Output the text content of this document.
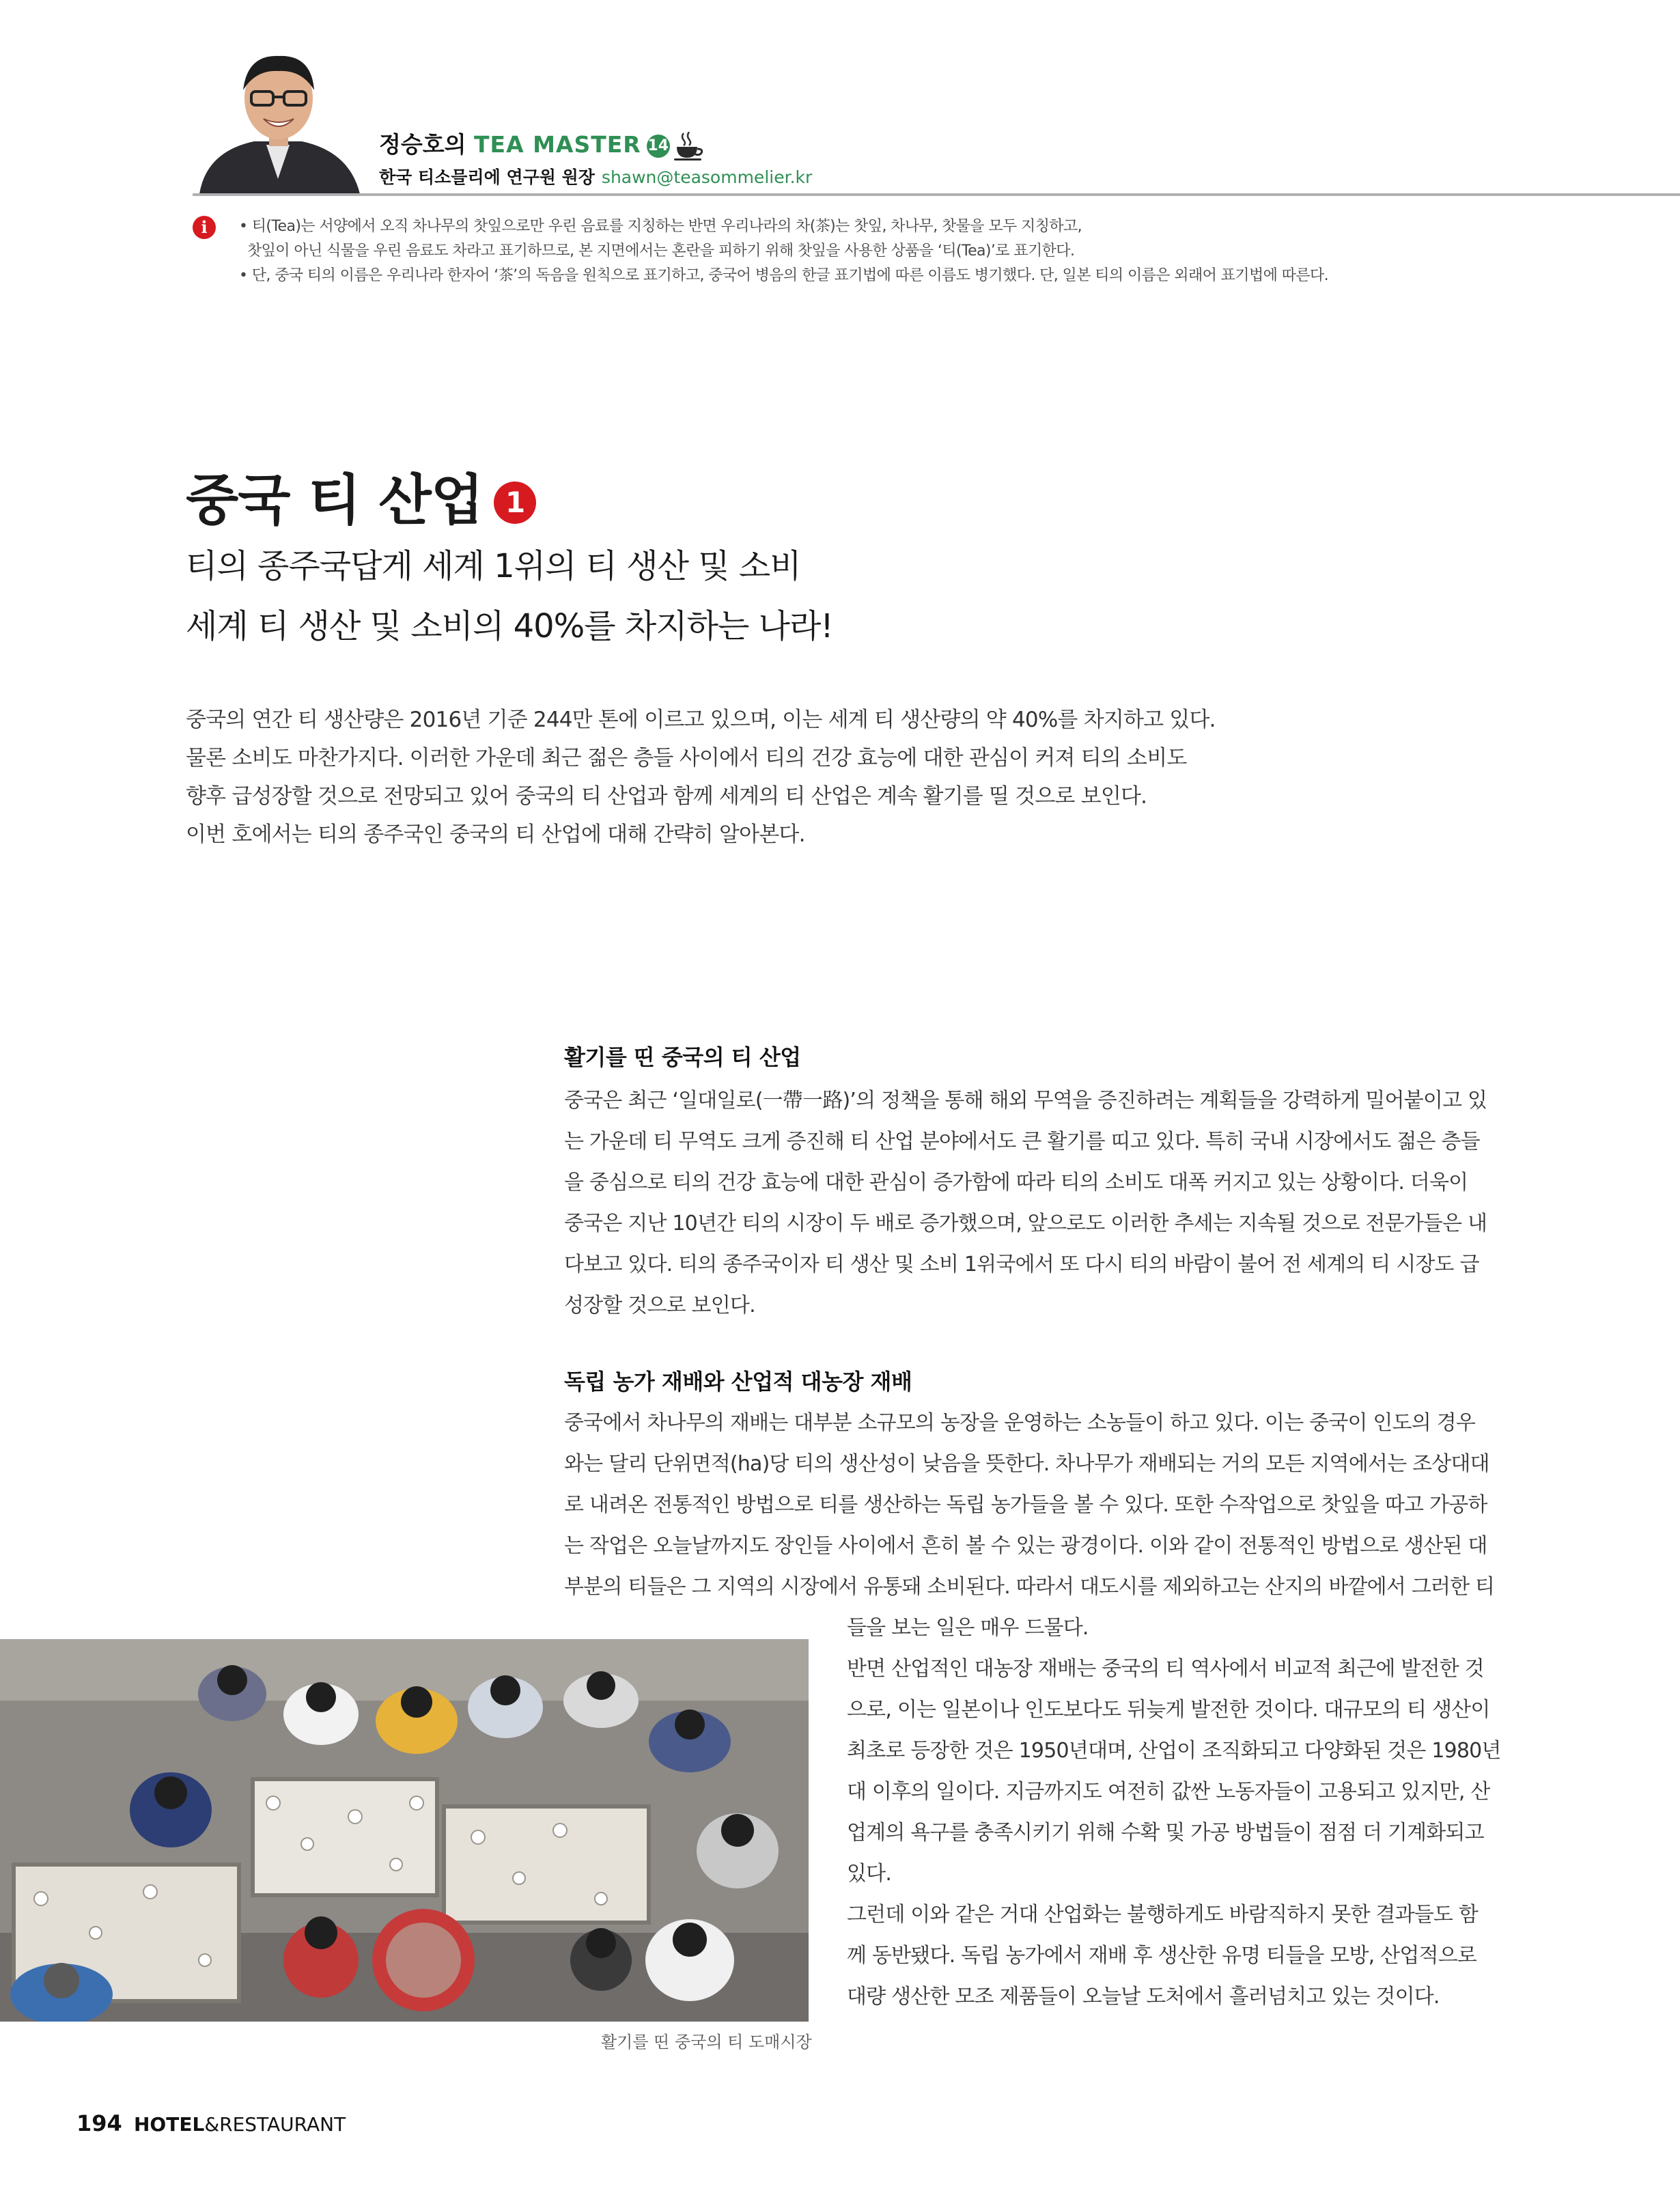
정승호의 TEA MASTER 14
한국 티소믈리에 연구원 원장 shawn@teasommelier.kr
i	• 티(Tea)는 서양에서 오직 차나무의 찻잎으로만 우린 음료를 지칭하는 반면 우리나라의 차(茶)는 찻잎, 차나무, 찻물을 모두 지칭하고,
찻잎이 아닌 식물을 우린 음료도 차라고 표기하므로, 본 지면에서는 혼란을 피하기 위해 찻잎을 사용한 상품을 ‘티(Tea)’로 표기한다.
• 단, 중국 티의 이름은 우리나라 한자어 ‘茶’의 독음을 원칙으로 표기하고, 중국어 병음의 한글 표기법에 따른 이름도 병기했다. 단, 일본 티의 이름은 외래어 표기법에 따른다.
중국 티 산업 1
티의 종주국답게 세계 1위의 티 생산 및 소비
세계 티 생산 및 소비의 40%를 차지하는 나라!
중국의 연간 티 생산량은 2016년 기준 244만 톤에 이르고 있으며, 이는 세계 티 생산량의 약 40%를 차지하고 있다.
물론 소비도 마찬가지다. 이러한 가운데 최근 젊은 층들 사이에서 티의 건강 효능에 대한 관심이 커져 티의 소비도
향후 급성장할 것으로 전망되고 있어 중국의 티 산업과 함께 세계의 티 산업은 계속 활기를 띨 것으로 보인다.
이번 호에서는 티의 종주국인 중국의 티 산업에 대해 간략히 알아본다.
활기를 띤 중국의 티 산업
중국은 최근 ‘일대일로(一帶一路)’의 정책을 통해 해외 무역을 증진하려는 계획들을 강력하게 밀어붙이고 있
는 가운데 티 무역도 크게 증진해 티 산업 분야에서도 큰 활기를 띠고 있다. 특히 국내 시장에서도 젊은 층들
을 중심으로 티의 건강 효능에 대한 관심이 증가함에 따라 티의 소비도 대폭 커지고 있는 상황이다. 더욱이
중국은 지난 10년간 티의 시장이 두 배로 증가했으며, 앞으로도 이러한 추세는 지속될 것으로 전문가들은 내
다보고 있다. 티의 종주국이자 티 생산 및 소비 1위국에서 또 다시 티의 바람이 불어 전 세계의 티 시장도 급
성장할 것으로 보인다.
독립 농가 재배와 산업적 대농장 재배
중국에서 차나무의 재배는 대부분 소규모의 농장을 운영하는 소농들이 하고 있다. 이는 중국이 인도의 경우
와는 달리 단위면적(ha)당 티의 생산성이 낮음을 뜻한다. 차나무가 재배되는 거의 모든 지역에서는 조상대대
로 내려온 전통적인 방법으로 티를 생산하는 독립 농가들을 볼 수 있다. 또한 수작업으로 찻잎을 따고 가공하
는 작업은 오늘날까지도 장인들 사이에서 흔히 볼 수 있는 광경이다. 이와 같이 전통적인 방법으로 생산된 대
부분의 티들은 그 지역의 시장에서 유통돼 소비된다. 따라서 대도시를 제외하고는 산지의 바깥에서 그러한 티
들을 보는 일은 매우 드물다.
반면 산업적인 대농장 재배는 중국의 티 역사에서 비교적 최근에 발전한 것
으로, 이는 일본이나 인도보다도 뒤늦게 발전한 것이다. 대규모의 티 생산이
최초로 등장한 것은 1950년대며, 산업이 조직화되고 다양화된 것은 1980년
대 이후의 일이다. 지금까지도 여전히 값싼 노동자들이 고용되고 있지만, 산
업계의 욕구를 충족시키기 위해 수확 및 가공 방법들이 점점 더 기계화되고
있다.
그런데 이와 같은 거대 산업화는 불행하게도 바람직하지 못한 결과들도 함
께 동반됐다. 독립 농가에서 재배 후 생산한 유명 티들을 모방, 산업적으로
대량 생산한 모조 제품들이 오늘날 도처에서 흘러넘치고 있는 것이다.
활기를 띤 중국의 티 도매시장
194 HOTEL&RESTAURANT
